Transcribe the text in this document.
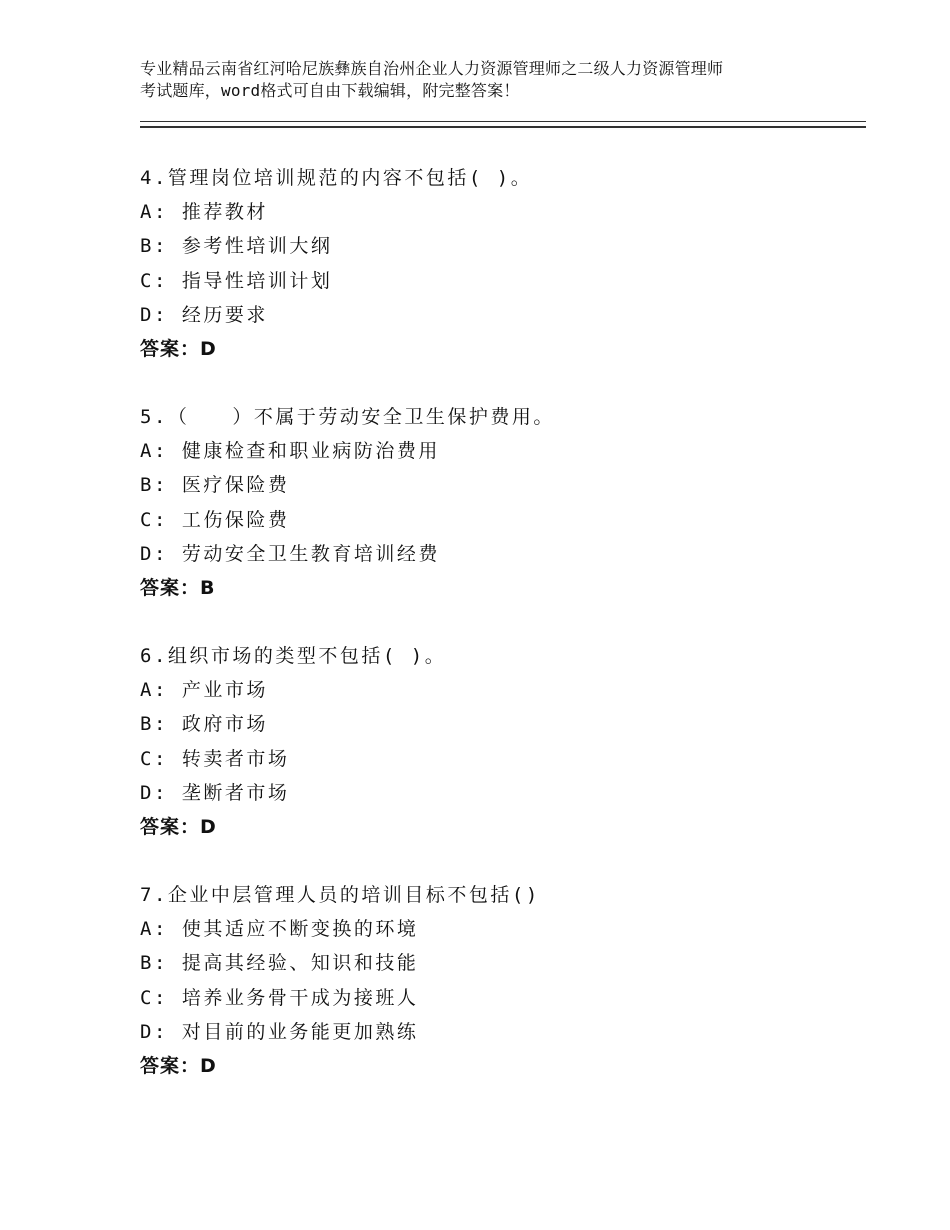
专业精品云南省红河哈尼族彝族自治州企业人力资源管理师之二级人力资源管理师
考试题库，word格式可自由下载编辑，附完整答案！
4.管理岗位培训规范的内容不包括( )。
A: 推荐教材
B: 参考性培训大纲
C: 指导性培训计划
D: 经历要求
答案：D
5.（　　）不属于劳动安全卫生保护费用。
A: 健康检查和职业病防治费用
B: 医疗保险费
C: 工伤保险费
D: 劳动安全卫生教育培训经费
答案：B
6.组织市场的类型不包括( )。
A: 产业市场
B: 政府市场
C: 转卖者市场
D: 垄断者市场
答案：D
7.企业中层管理人员的培训目标不包括()
A: 使其适应不断变换的环境
B: 提高其经验、知识和技能
C: 培养业务骨干成为接班人
D: 对目前的业务能更加熟练
答案：D
